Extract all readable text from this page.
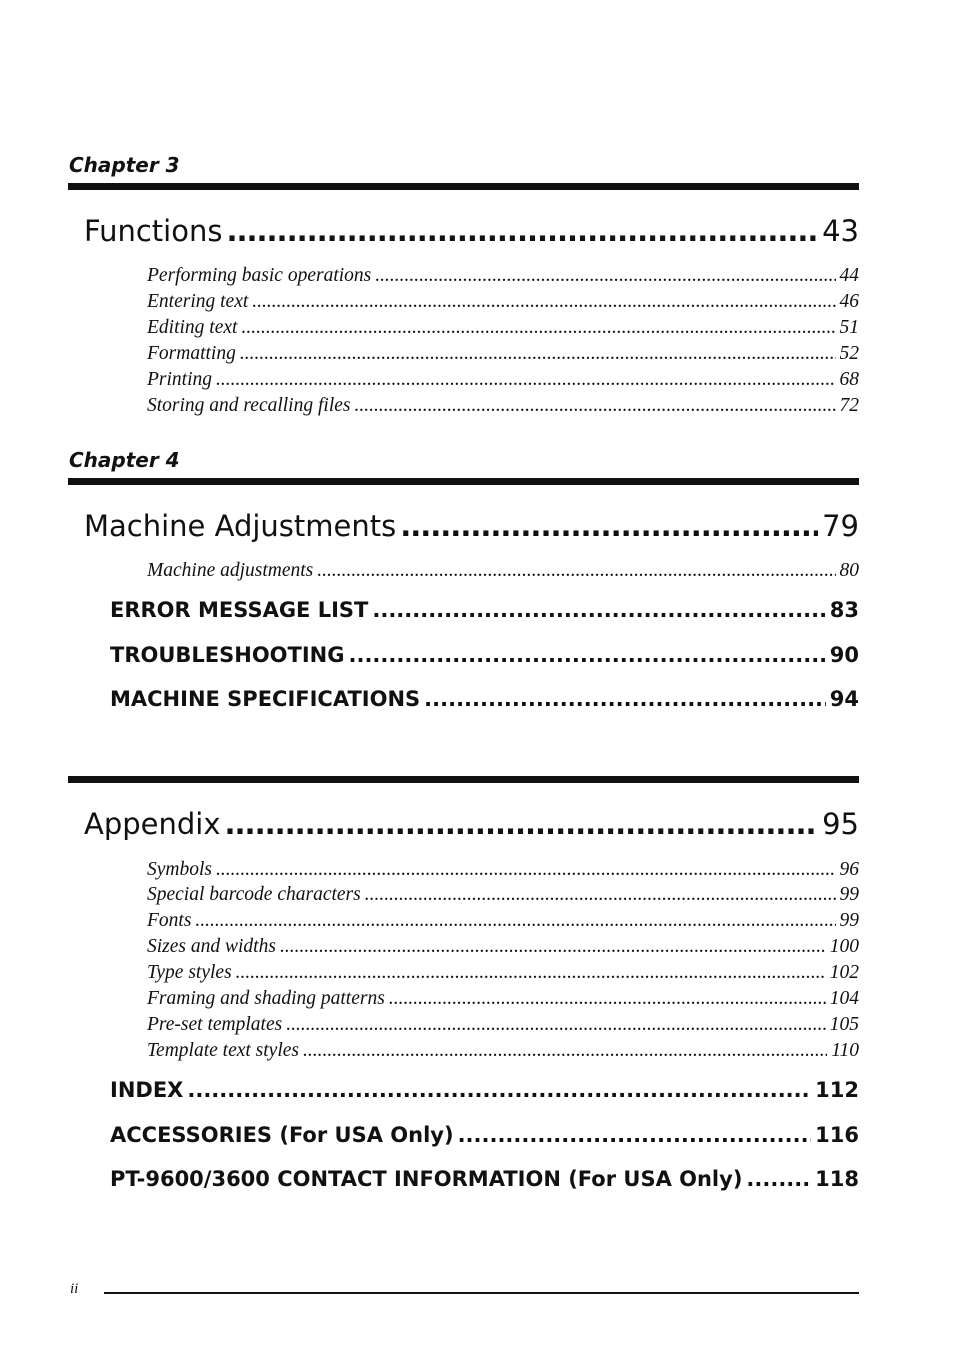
Chapter 3
Functions .....	43
Performing basic operations .....	44
Entering text .....	46
Editing text .....	51
Formatting .....	52
Printing .....	68
Storing and recalling files .....	72
Chapter 4
Machine Adjustments .....	79
Machine adjustments .....	80
ERROR MESSAGE LIST .....	83
TROUBLESHOOTING .....	90
MACHINE SPECIFICATIONS .....	94
Appendix .....	95
Symbols .....	96
Special barcode characters .....	99
Fonts .....	99
Sizes and widths .....	100
Type styles .....	102
Framing and shading patterns .....	104
Pre-set templates .....	105
Template text styles .....	110
INDEX .....	112
ACCESSORIES (For USA Only) .....	116
PT-9600/3600 CONTACT INFORMATION (For USA Only) .....	118
ii
